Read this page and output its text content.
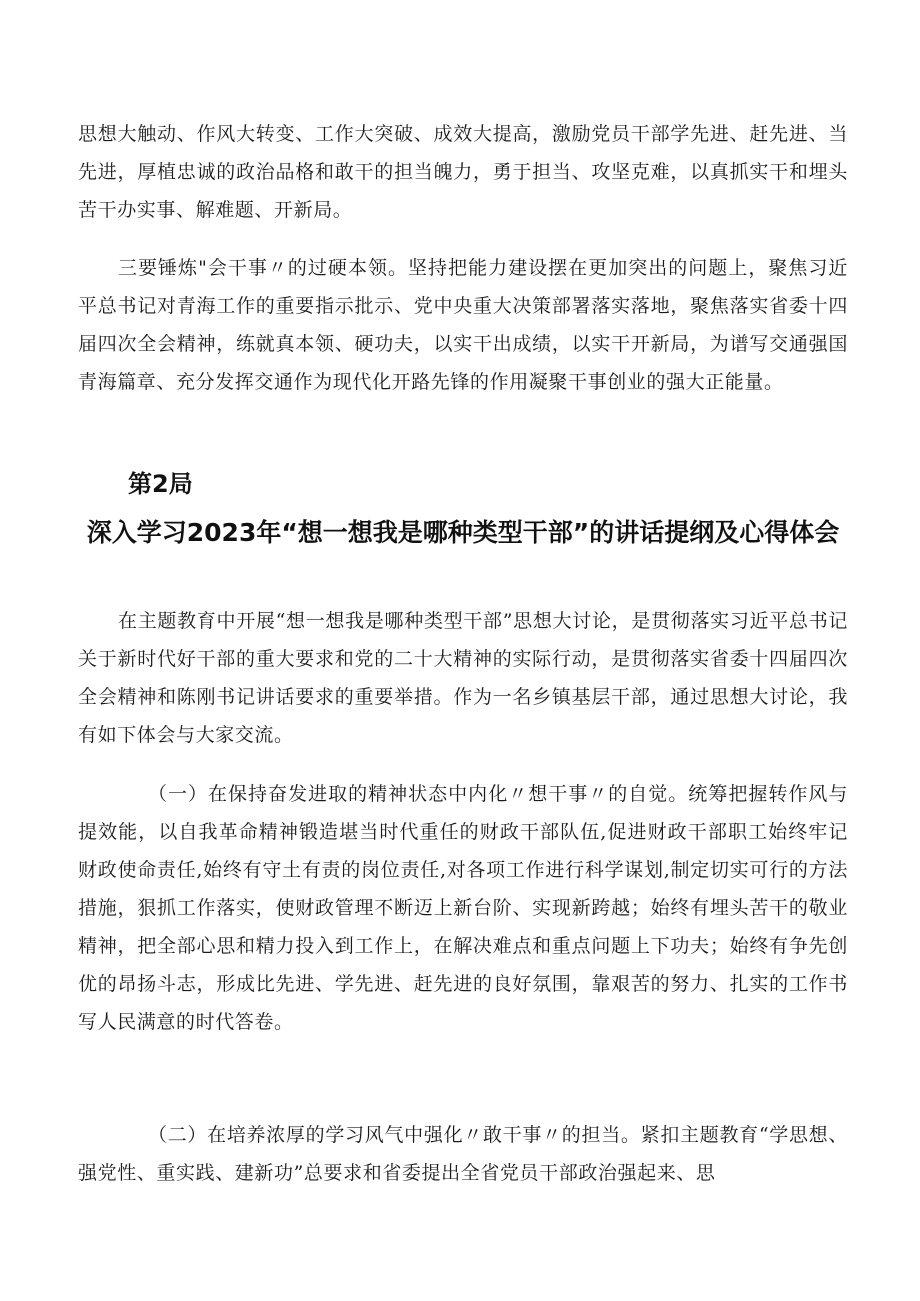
思想大触动、作风大转变、工作大突破、成效大提高，激励党员干部学先进、赶先进、当先进，厚植忠诚的政治品格和敢干的担当魄力，勇于担当、攻坚克难，以真抓实干和埋头苦干办实事、解难题、开新局。

三要锤炼"会干事〃的过硬本领。坚持把能力建设摆在更加突出的问题上，聚焦习近平总书记对青海工作的重要指示批示、党中央重大决策部署落实落地，聚焦落实省委十四届四次全会精神，练就真本领、硬功夫，以实干出成绩，以实干开新局，为谱写交通强国青海篇章、充分发挥交通作为现代化开路先锋的作用凝聚干事创业的强大正能量。

第2局
深入学习2023年“想一想我是哪种类型干部”的讲话提纲及心得体会

在主题教育中开展“想一想我是哪种类型干部”思想大讨论，是贯彻落实习近平总书记关于新时代好干部的重大要求和党的二十大精神的实际行动，是贯彻落实省委十四届四次全会精神和陈刚书记讲话要求的重要举措。作为一名乡镇基层干部，通过思想大讨论，我有如下体会与大家交流。

（一）在保持奋发进取的精神状态中内化〃想干事〃的自觉。统筹把握转作风与提效能，以自我革命精神锻造堪当时代重任的财政干部队伍,促进财政干部职工始终牢记财政使命责任,始终有守土有责的岗位责任,对各项工作进行科学谋划,制定切实可行的方法措施，狠抓工作落实，使财政管理不断迈上新台阶、实现新跨越；始终有埋头苦干的敬业精神，把全部心思和精力投入到工作上，在解决难点和重点问题上下功夫；始终有争先创优的昂扬斗志，形成比先进、学先进、赶先进的良好氛围，靠艰苦的努力、扎实的工作书写人民满意的时代答卷。

（二）在培养浓厚的学习风气中强化〃敢干事〃的担当。紧扣主题教育“学思想、强党性、重实践、建新功”总要求和省委提出全省党员干部政治强起来、思
